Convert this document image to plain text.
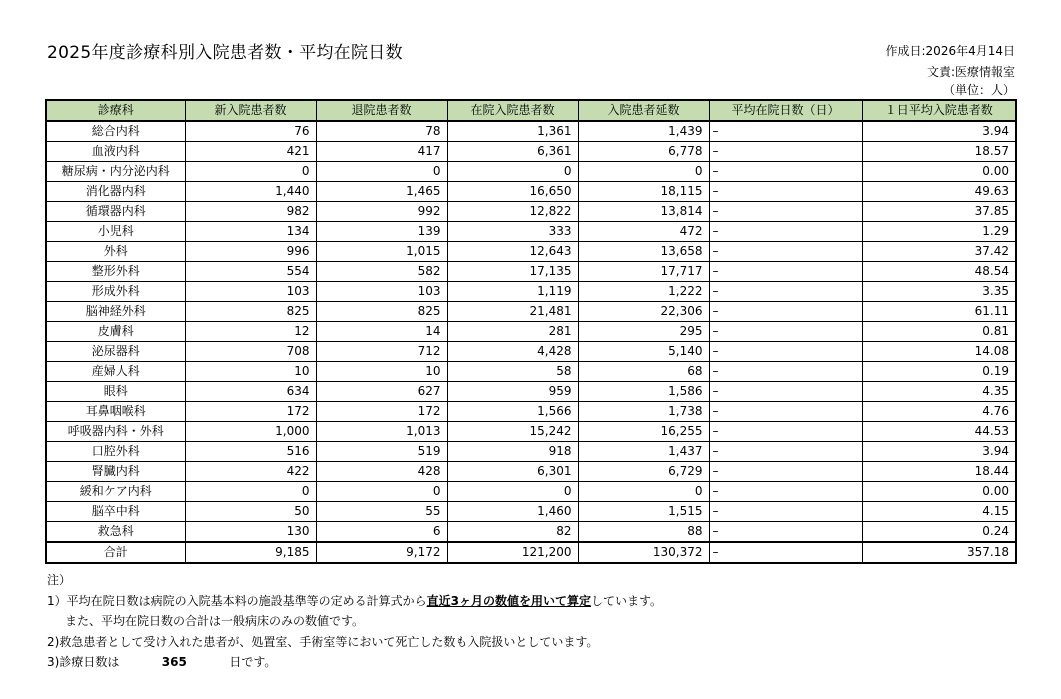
2025年度診療科別入院患者数・平均在院日数	作成日:2026年4月14日
文責:医療情報室
（単位：人）
診療科	新入院患者数	退院患者数	在院入院患者数	入院患者延数	平均在院日数（日）	１日平均入院患者数
総合内科	76	78	1,361	1,439	–	3.94
血液内科	421	417	6,361	6,778	–	18.57
糖尿病・内分泌内科	0	0	0	0	–	0.00
消化器内科	1,440	1,465	16,650	18,115	–	49.63
循環器内科	982	992	12,822	13,814	–	37.85
小児科	134	139	333	472	–	1.29
外科	996	1,015	12,643	13,658	–	37.42
整形外科	554	582	17,135	17,717	–	48.54
形成外科	103	103	1,119	1,222	–	3.35
脳神経外科	825	825	21,481	22,306	–	61.11
皮膚科	12	14	281	295	–	0.81
泌尿器科	708	712	4,428	5,140	–	14.08
産婦人科	10	10	58	68	–	0.19
眼科	634	627	959	1,586	–	4.35
耳鼻咽喉科	172	172	1,566	1,738	–	4.76
呼吸器内科・外科	1,000	1,013	15,242	16,255	–	44.53
口腔外科	516	519	918	1,437	–	3.94
腎臓内科	422	428	6,301	6,729	–	18.44
緩和ケア内科	0	0	0	0	–	0.00
脳卒中科	50	55	1,460	1,515	–	4.15
救急科	130	6	82	88	–	0.24
合計	9,185	9,172	121,200	130,372	–	357.18
注）
1）平均在院日数は病院の入院基本料の施設基準等の定める計算式から直近3ヶ月の数値を用いて算定しています。
また、平均在院日数の合計は一般病床のみの数値です。
2)救急患者として受け入れた患者が、処置室、手術室等において死亡した数も入院扱いとしています。
3)診療日数は	365	日です。
